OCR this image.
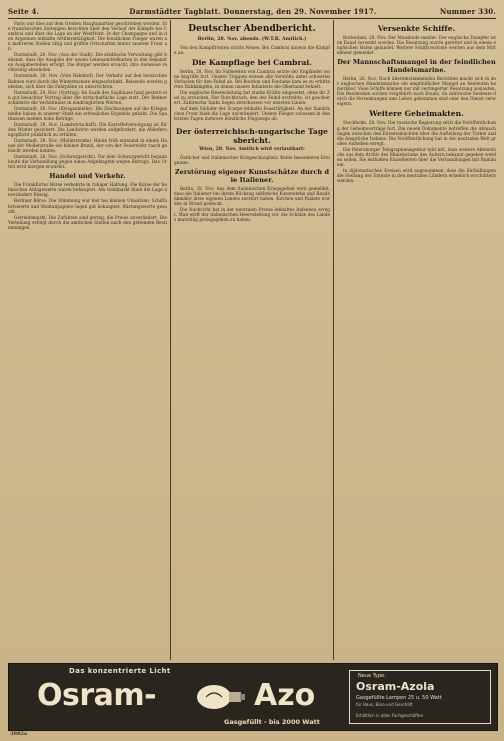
Seite 4.	Darmstädter Tagblatt. Donnerstag, den 29. November 1917.	Nummer 330.

Paris war dies auf dem Großen Hauptquartier geschrieben worden. Die französischen Zeitungen berichten über den Verlauf der Kämpfe bei Cambrai und über die Lage an der Westfront. In der Champagne und in den Argonnen lebhafte Artillerietätigkeit. Die feindlichen Flieger waren an mehreren Stellen tätig und griffen Ortschaften hinter unserer Front an.

Darmstadt, 28. Nov. (Aus der Stadt). Die städtische Verwaltung gibt bekannt, dass die Ausgabe der neuen Lebensmittelkarten in den bekannten Ausgabestellen erfolgt. Die Bürger werden ersucht, ihre Ausweise rechtzeitig abzuholen.

Darmstadt, 28. Nov. (Vom Bahnhof). Der Verkehr auf den hessischen Bahnen wird durch die Wintermonate eingeschränkt. Reisende werden gebeten, sich über die Fahrpläne zu unterrichten.

Darmstadt, 28. Nov. (Vortrag). Im Saale des Saalbaues fand gestern ein gut besuchter Vortrag über die wirtschaftliche Lage statt. Der Redner schilderte die Verhältnisse in eindringlichen Worten.

Darmstadt, 28. Nov. (Kriegsanleihe). Die Zeichnungen auf die Kriegsanleihe haben in unserer Stadt ein erfreuliches Ergebnis gehabt. Die Sparkassen melden hohe Beträge.

Darmstadt, 28. Nov. (Landwirtschaft). Die Kartoffelversorgung ist für den Winter gesichert. Die Landwirte werden aufgefordert, die Ablieferungspflicht pünktlich zu erfüllen.

Darmstadt, 28. Nov. (Mollerstraße). Heute früh entstand in einem Hause der Mollerstraße ein kleiner Brand, der von der Feuerwehr rasch gelöscht werden konnte.

Darmstadt, 28. Nov. (Schwurgericht). Vor dem Schwurgericht begann heute die Verhandlung gegen einen Angeklagten wegen Betrugs. Das Urteil wird morgen erwartet.

Handel und Verkehr.

Die Frankfurter Börse verkehrte in ruhiger Haltung. Die Kurse der heimischen Anlagewerte waren behauptet. Am Geldmarkt blieb die Lage unverändert flüssig.

Berliner Börse. Die Stimmung war fest bei kleinen Umsätzen. Schiffahrtswerte und Montanpapiere lagen gut behauptet, Rüstungswerte gesucht.

Getreidemarkt. Die Zufuhren sind gering, die Preise unverändert. Die Verteilung erfolgt durch die amtlichen Stellen nach den geltenden Bestimmungen.

Deutscher Abendbericht.
Berlin, 28. Nov. abends. (W.T.B. Amtlich.)

Von den Kampffronten nichts Neues. Bei Cambrai dauern die Kämpfe an.

Die Kampflage bei Cambrai.

Berlin, 28. Nov. Im Südwesten von Cambrai setzte der Engländer seine Angriffe fort. Unsere Truppen wiesen alle Vorstöße unter schweren Verlusten für den Feind ab. Bei Bourlon und Fontaine kam es zu erbitterten Nahkämpfen, in denen unsere Infanterie die Oberhand behielt.

Die englische Heeresleitung hat starke Kräfte eingesetzt, ohne ihr Ziel zu erreichen. Der Durchbruch, den der Feind erstrebte, ist gescheitert. Zahlreiche Tanks liegen zerschossen vor unseren Linien.

Auf dem Südufer der Scarpe lebhafte Feuertätigkeit. An der flandrischen Front blieb die Lage unverändert. Unsere Flieger schossen in den letzten Tagen mehrere feindliche Flugzeuge ab.

Der österreichisch-ungarische Tagesbericht.
Wien, 28. Nov. Amtlich wird verlautbart:

Östlicher und Italienischer Kriegsschauplatz: Keine besonderen Ereignisse.

Zerstörung eigener Kunstschätze durch die Italiener.

Berlin, 28. Nov. Aus dem italienischen Kriegsgebiet wird gemeldet, dass die Italiener bei ihrem Rückzug zahlreiche Kunstwerke und Baudenkmäler ihres eigenen Landes zerstört haben. Kirchen und Paläste wurden in Brand gesteckt.

Die Nachricht hat in der neutralen Presse lebhaftes Aufsehen erregt. Man wirft der italienischen Heeresleitung vor, die Schätze des Landes mutwillig preisgegeben zu haben.

Versenkte Schiffe.

Rotterdam, 28. Nov. Der Maasbode meldet: Der englische Dampfer ist im Kanal versenkt worden. Die Besatzung wurde gerettet und in einem englischen Hafen gelandet. Weitere Schiffsverluste werden aus dem Mittelmeer gemeldet.

Der Mannschaftsmangel in der feindlichen Handelsmarine.

Berlin, 28. Nov. Nach übereinstimmenden Berichten macht sich in der englischen Handelsmarine ein empfindlicher Mangel an Seeleuten bemerkbar. Viele Schiffe können nur mit verringerter Besatzung auslaufen. Die Reedereien suchen vergeblich nach Ersatz, da zahlreiche Seeleute durch die Versenkungen ums Leben gekommen sind oder den Dienst verweigern.

Weitere Geheimakten.

Stockholm, 28. Nov. Die russische Regierung setzt die Veröffentlichung der Geheimverträge fort. Die neuen Dokumente betreffen die Abmachungen zwischen den Ententemächten über die Aufteilung der Türkei und die Ansprüche Italiens. Die Veröffentlichung hat in der neutralen Welt großes Aufsehen erregt.

Die Petersburger Telegraphenagentur teilt mit, dass weitere Aktenstücke aus dem Archiv des Ministeriums des Äußern bekannt gegeben werden sollen. Sie enthalten Einzelheiten über die Verhandlungen mit Rumänien.

In diplomatischen Kreisen wird angenommen, dass die Enthüllungen die Stellung der Entente in den neutralen Ländern erheblich erschüttern werden.

Das konzentrierte Licht
Osram-	Azo
Gasgefüllt - bis 2000 Watt
Neue Type:
Osram-Azola
Gasgefüllte Lampen 25 u. 50 Watt
für Haus, Büro und Geschäft
Erhältlich in allen Fachgeschäften
3982a
